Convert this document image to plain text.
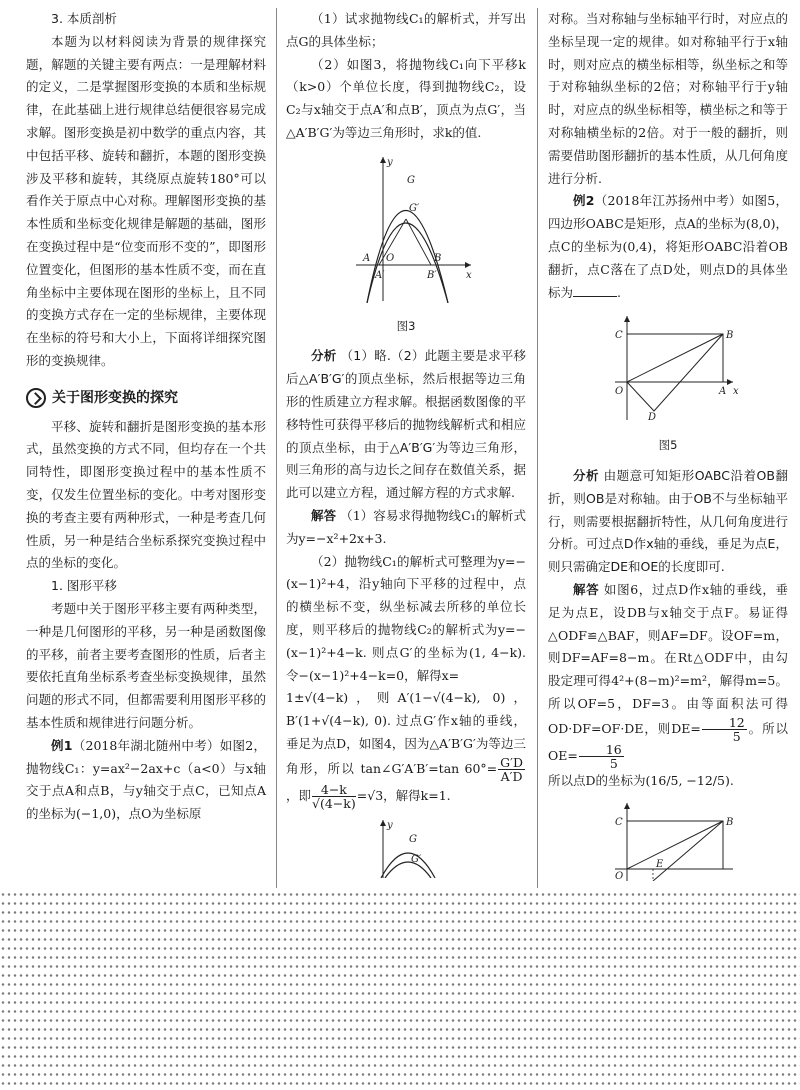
3. 本质剖析

本题为以材料阅读为背景的规律探究题，解题的关键主要有两点：一是理解材料的定义，二是掌握图形变换的本质和坐标规律，在此基础上进行规律总结便很容易完成求解。图形变换是初中数学的重点内容，其中包括平移、旋转和翻折，本题的图形变换涉及平移和旋转，其绕原点旋转180°可以看作关于原点中心对称。理解图形变换的基本性质和坐标变化规律是解题的基础，图形在变换过程中是“位变而形不变的”，即图形位置变化，但图形的基本性质不变，而在直角坐标中主要体现在图形的坐标上，且不同的变换方式存在一定的坐标规律，主要体现在坐标的符号和大小上，下面将详细探究图形的变换规律。

关于图形变换的探究

平移、旋转和翻折是图形变换的基本形式，虽然变换的方式不同，但均存在一个共同特性，即图形变换过程中的基本性质不变，仅发生位置坐标的变化。中考对图形变换的考查主要有两种形式，一种是考查几何性质，另一种是结合坐标系探究变换过程中点的坐标的变化。

1. 图形平移

考题中关于图形平移主要有两种类型，一种是几何图形的平移，另一种是函数图像的平移，前者主要考查图形的性质，后者主要依托直角坐标系考查坐标变换规律，虽然问题的形式不同，但都需要利用图形平移的基本性质和规律进行问题分析。

例1（2018年湖北随州中考）如图2，抛物线C₁：y=ax²−2ax+c（a<0）与x轴交于点A和点B，与y轴交于点C，已知点A的坐标为(−1,0)，点O为坐标原

（1）试求抛物线C₁的解析式，并写出点G的具体坐标；

（2）如图3，将抛物线C₁向下平移k（k>0）个单位长度，得到抛物线C₂，设C₂与x轴交于点A′和点B′，顶点为点G′，当△A′B′G′为等边三角形时，求k的值.

y
G
G′
A O	B
A′	B′	x

图3

分析 （1）略.（2）此题主要是求平移后△A′B′G′的顶点坐标，然后根据等边三角形的性质建立方程求解。根据函数图像的平移特性可获得平移后的抛物线解析式和相应的顶点坐标，由于△A′B′G′为等边三角形，则三角形的高与边长之间存在数值关系，据此可以建立方程，通过解方程的方式求解.

解答 （1）容易求得抛物线C₁的解析式为y=−x²+2x+3.

（2）抛物线C₁的解析式可整理为y=−(x−1)²+4，沿y轴向下平移的过程中，点的横坐标不变，纵坐标减去所移的单位长度，则平移后的抛物线C₂的解析式为y=−(x−1)²+4−k. 则点G′的坐标为(1, 4−k). 令−(x−1)²+4−k=0，解得x=

1±√(4−k)，则A′(1−√(4−k), 0)，B′(1+√(4−k), 0). 过点G′作x轴的垂线，垂足为点D，如图4，因为△A′B′G′为等边三角形，所以 tan∠G′A′B′=tan $60^\circ= \frac{G'D}{A'D}$
，即 $\frac{4-k}{√(4-k)} =√3$，解得k=1.

y
G
G′

对称。当对称轴与坐标轴平行时，对应点的坐标呈现一定的规律。如对称轴平行于x轴时，则对应点的横坐标相等，纵坐标之和等于对称轴纵坐标的2倍；对称轴平行于y轴时，对应点的纵坐标相等，横坐标之和等于对称轴横坐标的2倍。对于一般的翻折，则需要借助图形翻折的基本性质，从几何角度进行分析.

例2（2018年江苏扬州中考）如图5，四边形OABC是矩形，点A的坐标为(8,0)，点C的坐标为(0,4)，将矩形OABC沿着OB翻折，点C落在了点D处，则点D的具体坐标为	.

C	B
O	A x
D

图5

分析 由题意可知矩形OABC沿着OB翻折，则OB是对称轴。由于OB不与坐标轴平行，则需要根据翻折特性，从几何角度进行分析。可过点D作x轴的垂线，垂足为点E，则只需确定DE和OE的长度即可.

解答 如图6，过点D作x轴的垂线，垂足为点E，设DB与x轴交于点F。易证得△ODF≌△BAF，则AF=DF。设OF=m，则DF=AF=8−m。在Rt△ODF中，由勾股定理可得4²+(8−m)²=m²，解得m=5。所以OF=5，DF=3。由等面积法可得OD·DF=OF·DE，则$DE= \frac{12}{5}$ 。所以$OE= \frac{16}{5}$

所以点D的坐标为(16/5, −12/5).

C	B
O
E
